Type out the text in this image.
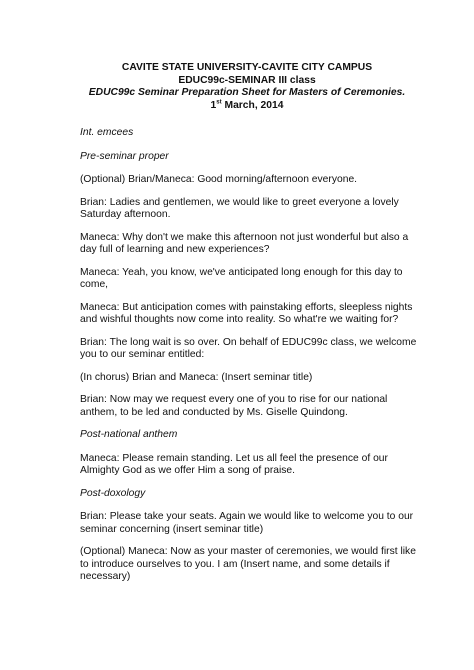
CAVITE STATE UNIVERSITY-CAVITE CITY CAMPUS
EDUC99c-SEMINAR III class
EDUC99c Seminar Preparation Sheet for Masters of Ceremonies.
1st March, 2014

Int. emcees

Pre-seminar proper

(Optional) Brian/Maneca: Good morning/afternoon everyone.

Brian: Ladies and gentlemen, we would like to greet everyone a lovely Saturday afternoon.

Maneca: Why don't we make this afternoon not just wonderful but also a day full of learning and new experiences?

Maneca: Yeah, you know, we've anticipated long enough for this day to come,

Maneca: But anticipation comes with painstaking efforts, sleepless nights and wishful thoughts now come into reality. So what're we waiting for?

Brian: The long wait is so over. On behalf of EDUC99c class, we welcome you to our seminar entitled:

(In chorus) Brian and Maneca: (Insert seminar title)

Brian: Now may we request every one of you to rise for our national anthem, to be led and conducted by Ms. Giselle Quindong.

Post-national anthem

Maneca: Please remain standing. Let us all feel the presence of our Almighty God as we offer Him a song of praise.

Post-doxology

Brian: Please take your seats. Again we would like to welcome you to our seminar concerning (insert seminar title)

(Optional) Maneca: Now as your master of ceremonies, we would first like to introduce ourselves to you. I am (Insert name, and some details if necessary)
